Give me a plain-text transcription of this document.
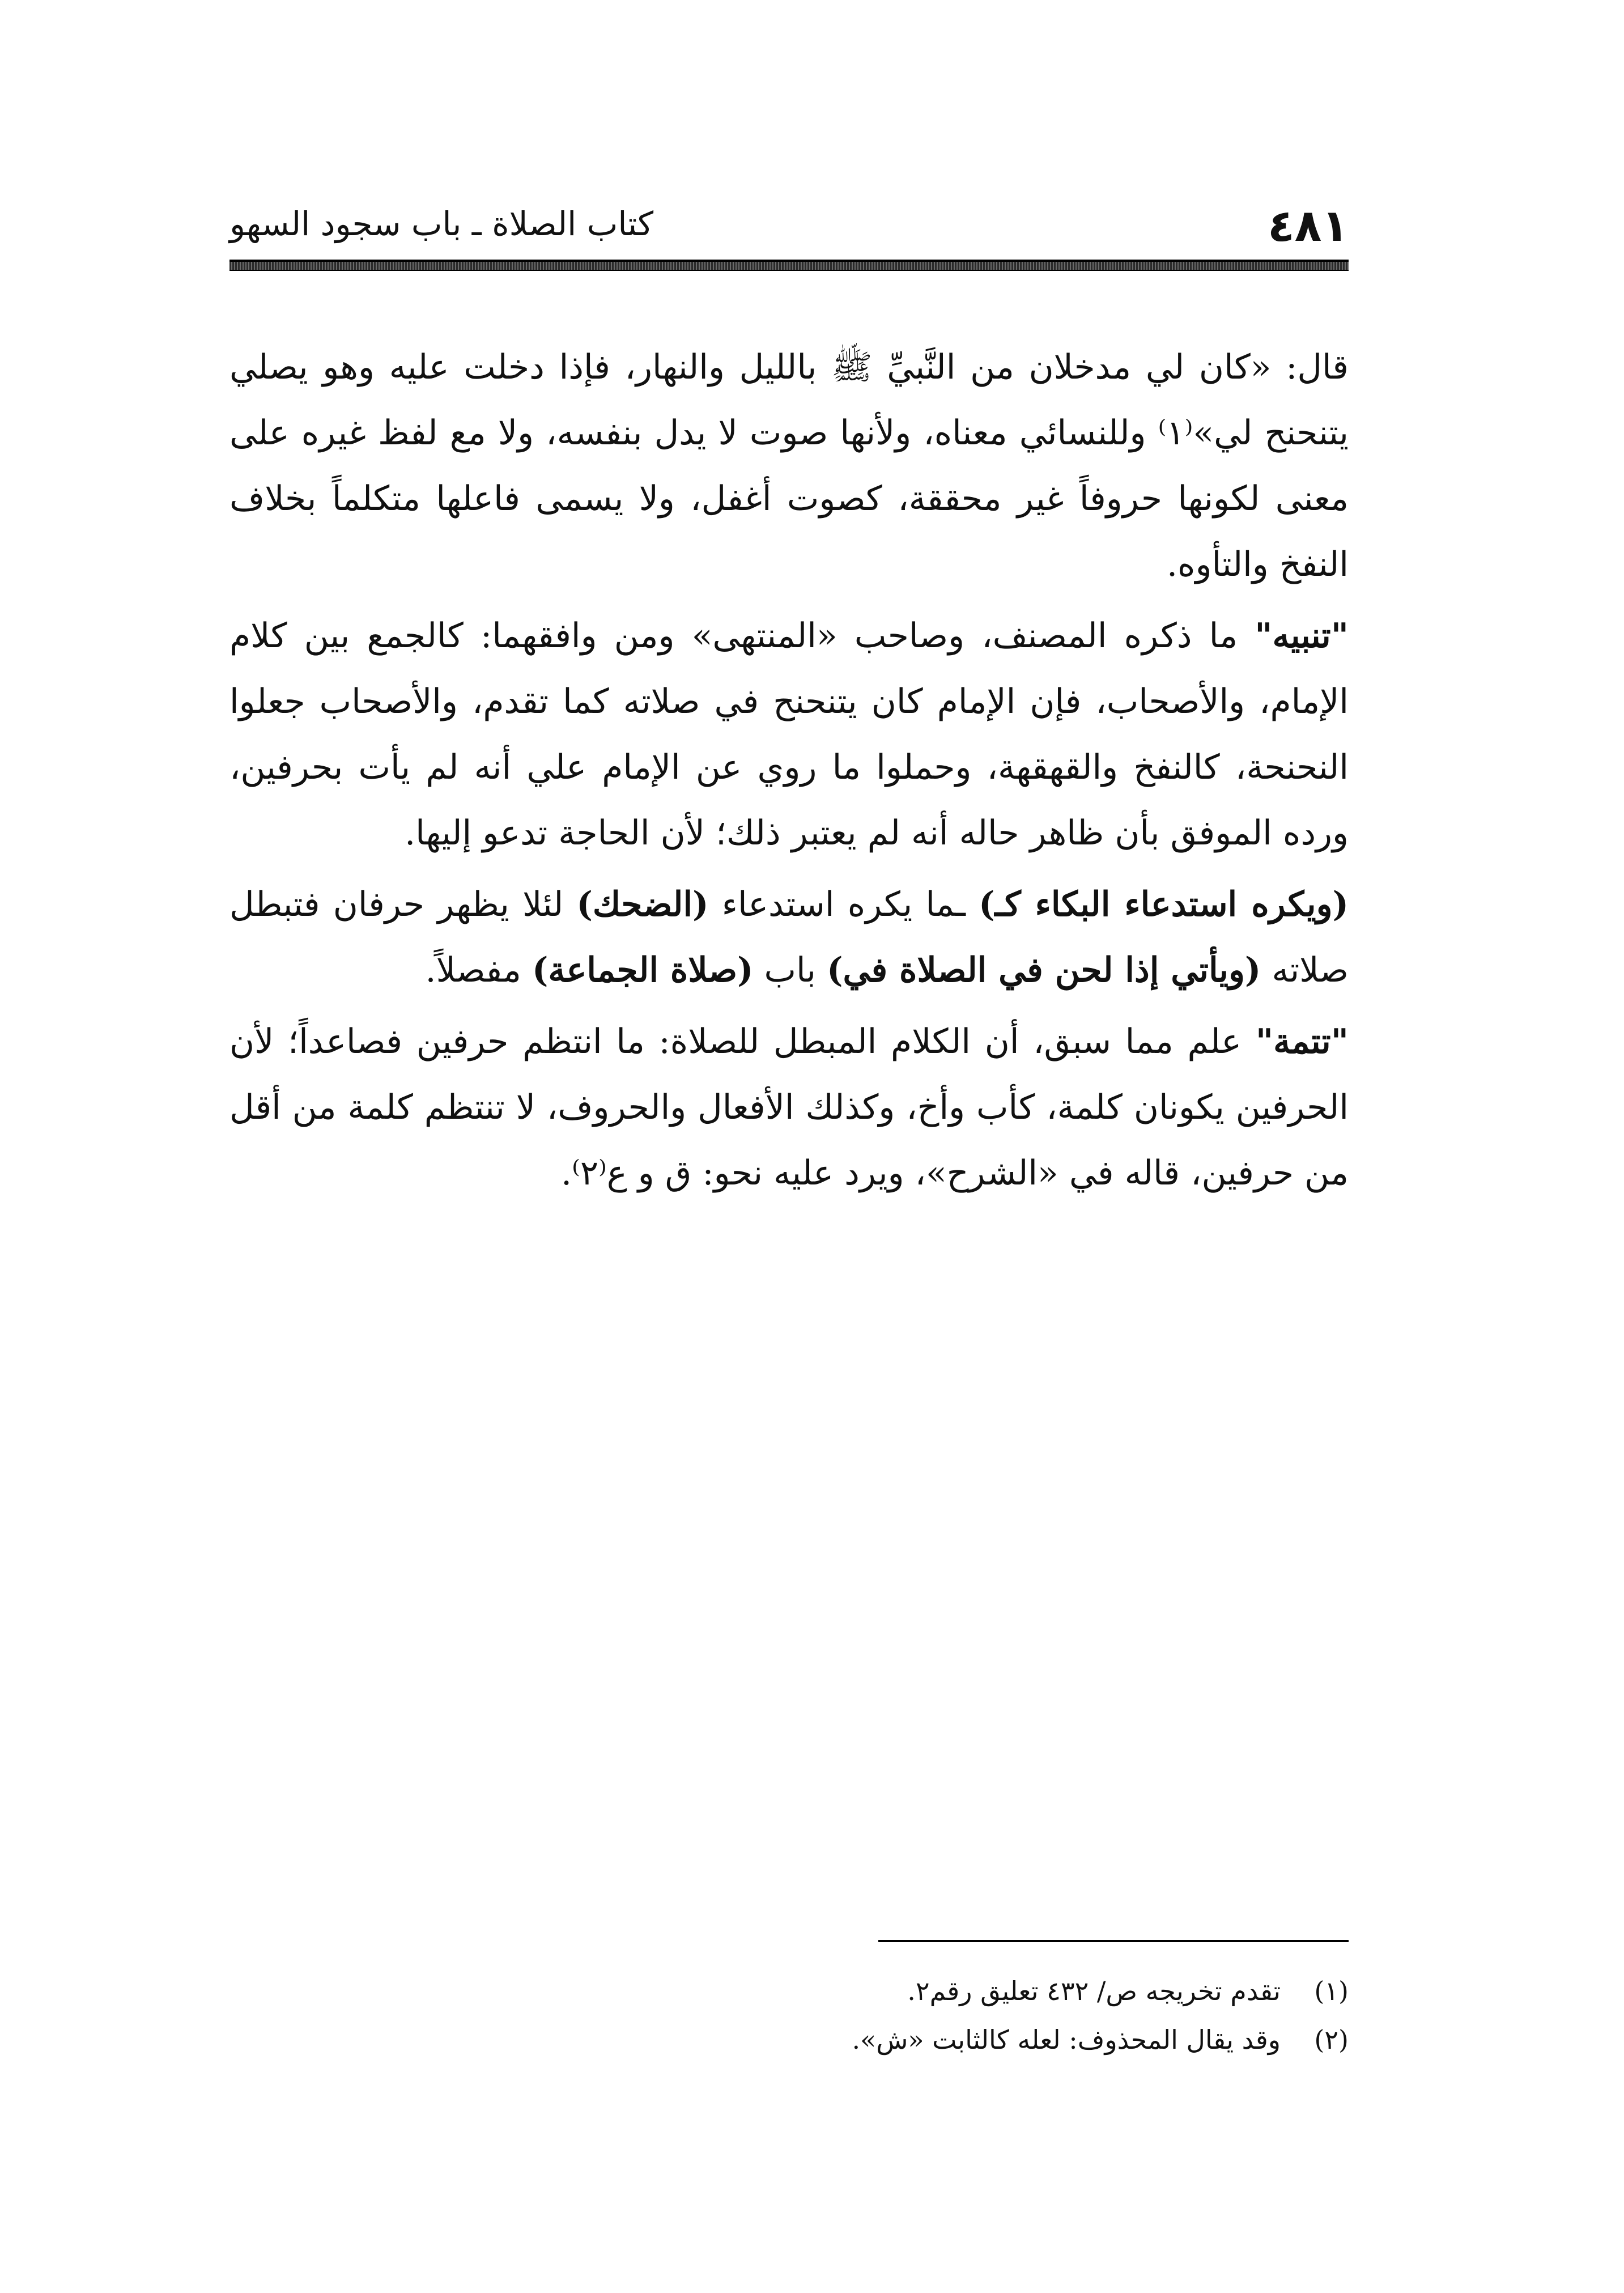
٤٨١
كتاب الصلاة ـ باب سجود السهو

قال: «كان لي مدخلان من النَّبيِّ ﷺ بالليل والنهار، فإذا دخلت عليه وهو يصلي يتنحنح لي»⁽١⁾ وللنسائي معناه، ولأنها صوت لا يدل بنفسه، ولا مع لفظ غيره على معنى لكونها حروفاً غير محققة، كصوت أغفل، ولا يسمى فاعلها متكلماً بخلاف النفخ والتأوه.

"تنبيه" ما ذكره المصنف، وصاحب «المنتهى» ومن وافقهما: كالجمع بين كلام الإمام، والأصحاب، فإن الإمام كان يتنحنح في صلاته كما تقدم، والأصحاب جعلوا النحنحة، كالنفخ والقهقهة، وحملوا ما روي عن الإمام علي أنه لم يأت بحرفين، ورده الموفق بأن ظاهر حاله أنه لم يعتبر ذلك؛ لأن الحاجة تدعو إليها.

(ويكره استدعاء البكاء كـ) ـما يكره استدعاء (الضحك) لئلا يظهر حرفان فتبطل صلاته (ويأتي إذا لحن في الصلاة في) باب (صلاة الجماعة) مفصلاً.

"تتمة" علم مما سبق، أن الكلام المبطل للصلاة: ما انتظم حرفين فصاعداً؛ لأن الحرفين يكونان كلمة، كأب وأخ، وكذلك الأفعال والحروف، لا تنتظم كلمة من أقل من حرفين، قاله في «الشرح»، ويرد عليه نحو: ق و ع⁽٢⁾.

(١)
تقدم تخريجه ص/ ٤٣٢ تعليق رقم٢.
(٢)
وقد يقال المحذوف: لعله كالثابت «ش».
